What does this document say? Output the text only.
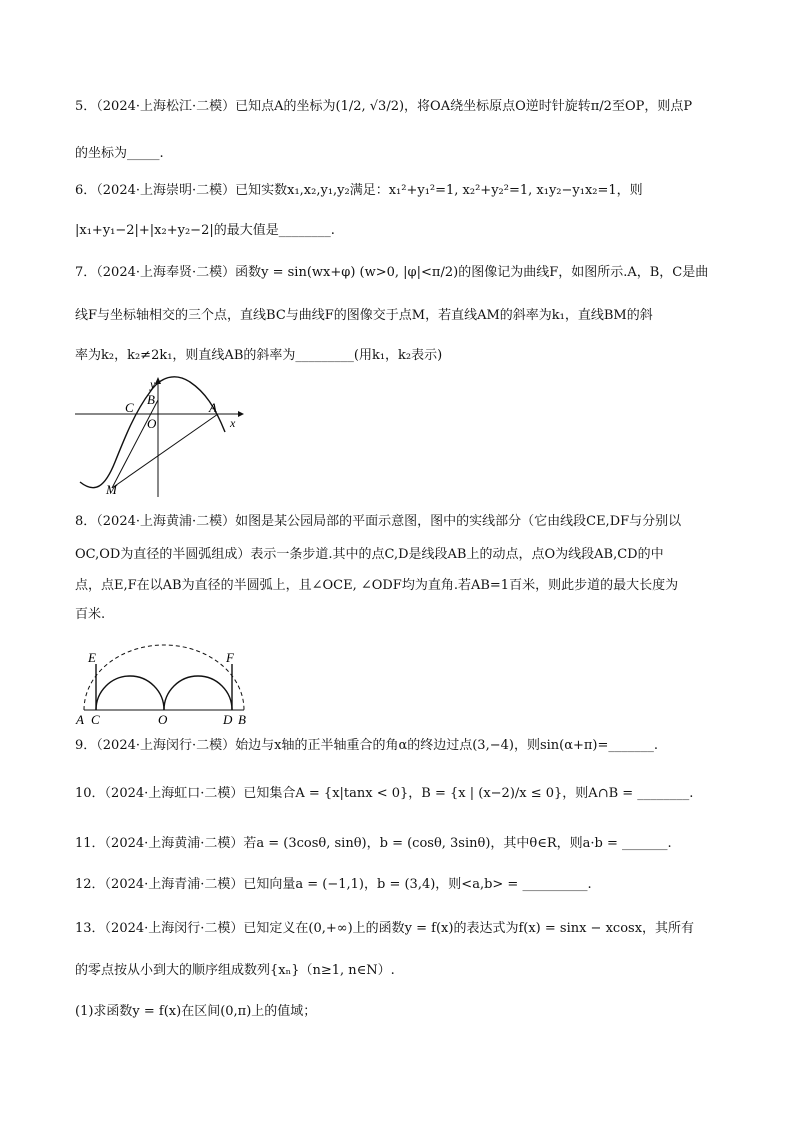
5．（2024·上海松江·二模）已知点A的坐标为(1/2, √3/2)，将OA绕坐标原点O逆时针旋转π/2至OP，则点P
的坐标为_____.
6．（2024·上海崇明·二模）已知实数x₁,x₂,y₁,y₂满足：x₁²+y₁²=1, x₂²+y₂²=1, x₁y₂−y₁x₂=1，则
|x₁+y₁−2|+|x₂+y₂−2|的最大值是________.
7．（2024·上海奉贤·二模）函数y = sin(wx+φ) (w>0, |φ|<π/2)的图像记为曲线F，如图所示.A，B，C是曲
线F与坐标轴相交的三个点，直线BC与曲线F的图像交于点M，若直线AM的斜率为k₁，直线BM的斜
率为k₂，k₂≠2k₁，则直线AB的斜率为_________(用k₁，k₂表示)
y
x
B
C	A
O
M
8．（2024·上海黄浦·二模）如图是某公园局部的平面示意图，图中的实线部分（它由线段CE,DF与分别以
OC,OD为直径的半圆弧组成）表示一条步道.其中的点C,D是线段AB上的动点，点O为线段AB,CD的中
点，点E,F在以AB为直径的半圆弧上，且∠OCE, ∠ODF均为直角.若AB=1百米，则此步道的最大长度为
百米.
E	F
A C	O	D B
9．（2024·上海闵行·二模）始边与x轴的正半轴重合的角α的终边过点(3,−4)，则sin(α+π)=_______.
10．（2024·上海虹口·二模）已知集合A = {x|tanx < 0}，B = {x | (x−2)/x ≤ 0}，则A∩B = ________.
11．（2024·上海黄浦·二模）若a = (3cosθ, sinθ)，b = (cosθ, 3sinθ)，其中θ∈R，则a·b = _______.
12．（2024·上海青浦·二模）已知向量a = (−1,1)，b = (3,4)，则<a,b> = __________.
13．（2024·上海闵行·二模）已知定义在(0,+∞)上的函数y = f(x)的表达式为f(x) = sinx − xcosx，其所有
的零点按从小到大的顺序组成数列{xₙ}（n≥1, n∈N）.
(1)求函数y = f(x)在区间(0,π)上的值域；
